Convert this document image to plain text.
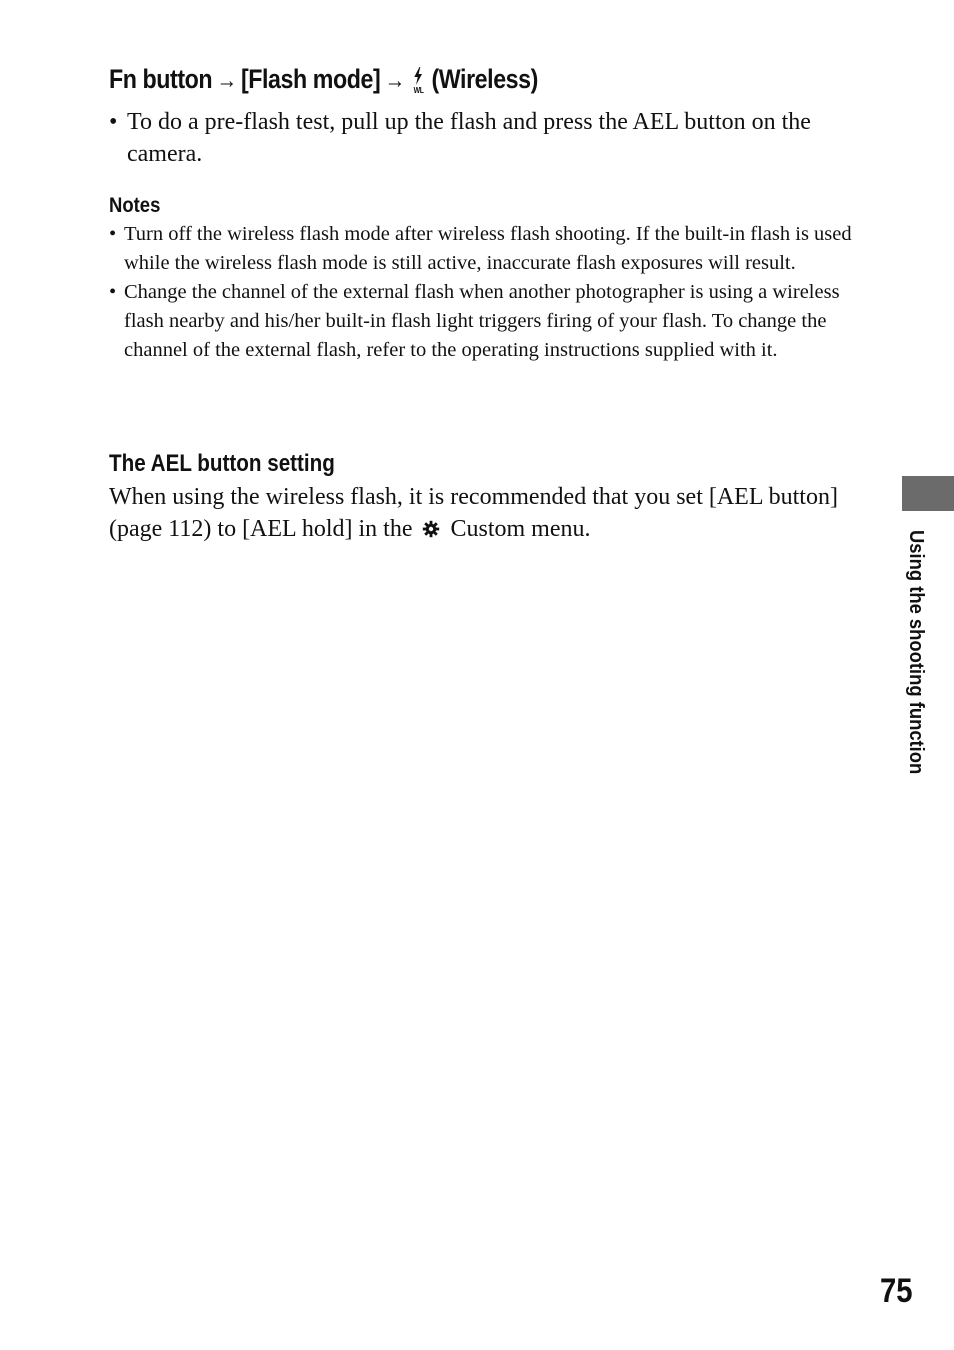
Fn button → [Flash mode] → WL (Wireless)
• To do a pre-flash test, pull up the flash and press the AEL button on the camera.
Notes
• Turn off the wireless flash mode after wireless flash shooting. If the built-in flash is used while the wireless flash mode is still active, inaccurate flash exposures will result.
• Change the channel of the external flash when another photographer is using a wireless flash nearby and his/her built-in flash light triggers firing of your flash. To change the channel of the external flash, refer to the operating instructions supplied with it.
The AEL button setting
When using the wireless flash, it is recommended that you set [AEL button] (page 112) to [AEL hold] in the Custom menu.
Using the shooting function
75
